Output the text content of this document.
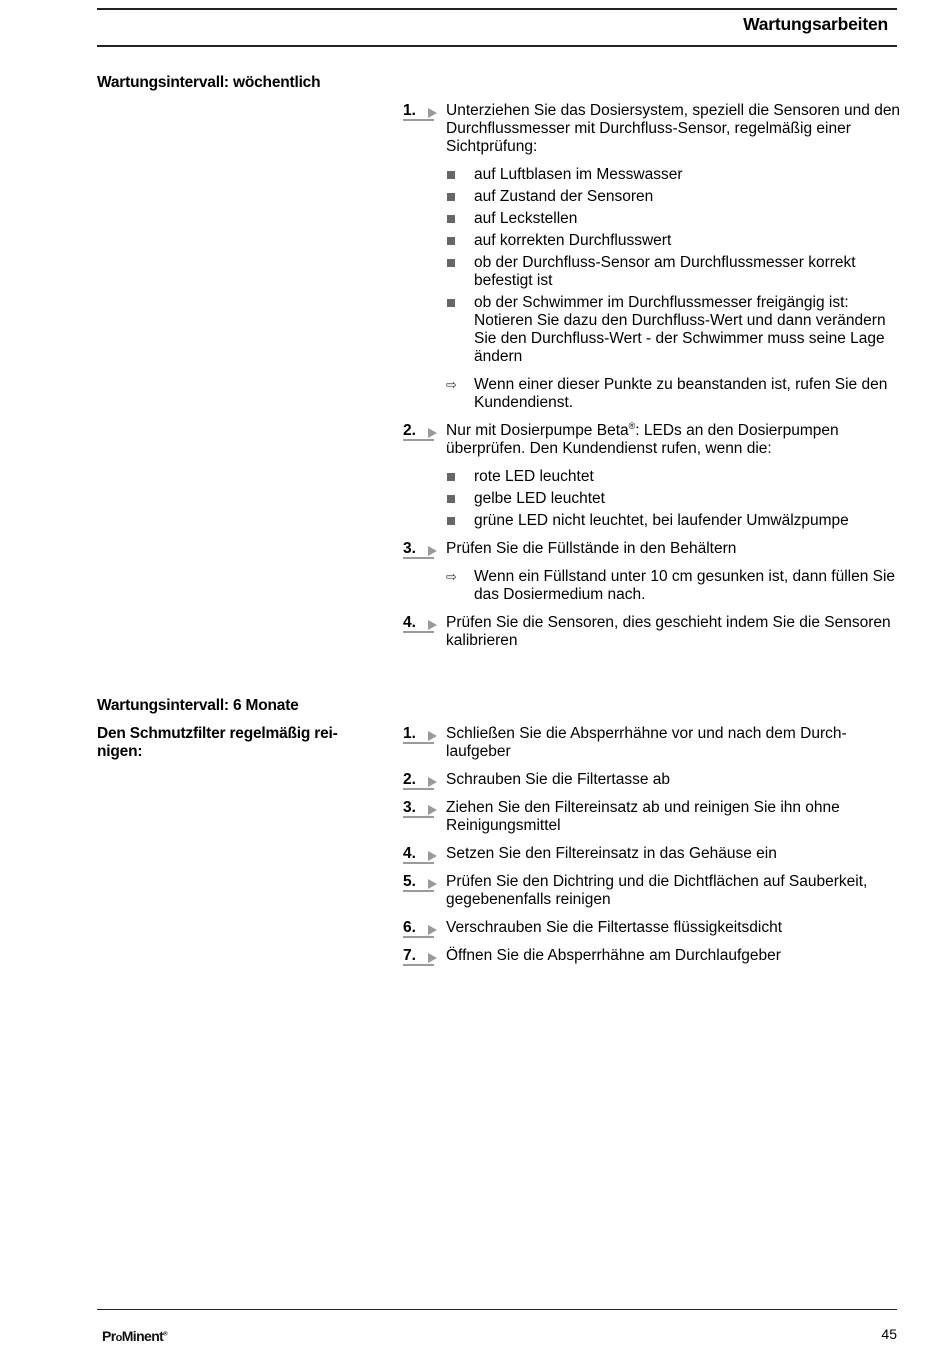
Wartungsarbeiten
Wartungsintervall: wöchentlich
1.	Unterziehen Sie das Dosiersystem, speziell die Sensoren und den Durchflussmesser mit Durchfluss-Sensor, regelmäßig einer Sichtprüfung:

auf Luftblasen im Messwasser
auf Zustand der Sensoren
auf Leckstellen
auf korrekten Durchflusswert
ob der Durchfluss-Sensor am Durchflussmesser korrekt befestigt ist
ob der Schwimmer im Durchflussmesser freigängig ist: Notieren Sie dazu den Durchfluss-Wert und dann verändern Sie den Durchfluss-Wert - der Schwimmer muss seine Lage ändern
⇨ Wenn einer dieser Punkte zu beanstanden ist, rufen Sie den Kundendienst.
2.	Nur mit Dosierpumpe Beta®: LEDs an den Dosierpumpen überprüfen. Den Kundendienst rufen, wenn die:

rote LED leuchtet
gelbe LED leuchtet
grüne LED nicht leuchtet, bei laufender Umwälzpumpe
3.	Prüfen Sie die Füllstände in den Behältern

⇨ Wenn ein Füllstand unter 10 cm gesunken ist, dann füllen Sie das Dosiermedium nach.
4.	Prüfen Sie die Sensoren, dies geschieht indem Sie die Sensoren kalibrieren

Wartungsintervall: 6 Monate
Den Schmutzfilter regelmäßig reinigen:
1.	Schließen Sie die Absperrhähne vor und nach dem Durchlaufgeber

2.	Schrauben Sie die Filtertasse ab

3.	Ziehen Sie den Filtereinsatz ab und reinigen Sie ihn ohne Reinigungsmittel

4.	Setzen Sie den Filtereinsatz in das Gehäuse ein

5.	Prüfen Sie den Dichtring und die Dichtflächen auf Sauberkeit, gegebenenfalls reinigen

6.	Verschrauben Sie die Filtertasse flüssigkeitsdicht

7.	Öffnen Sie die Absperrhähne am Durchlaufgeber

ProMinent®	45
